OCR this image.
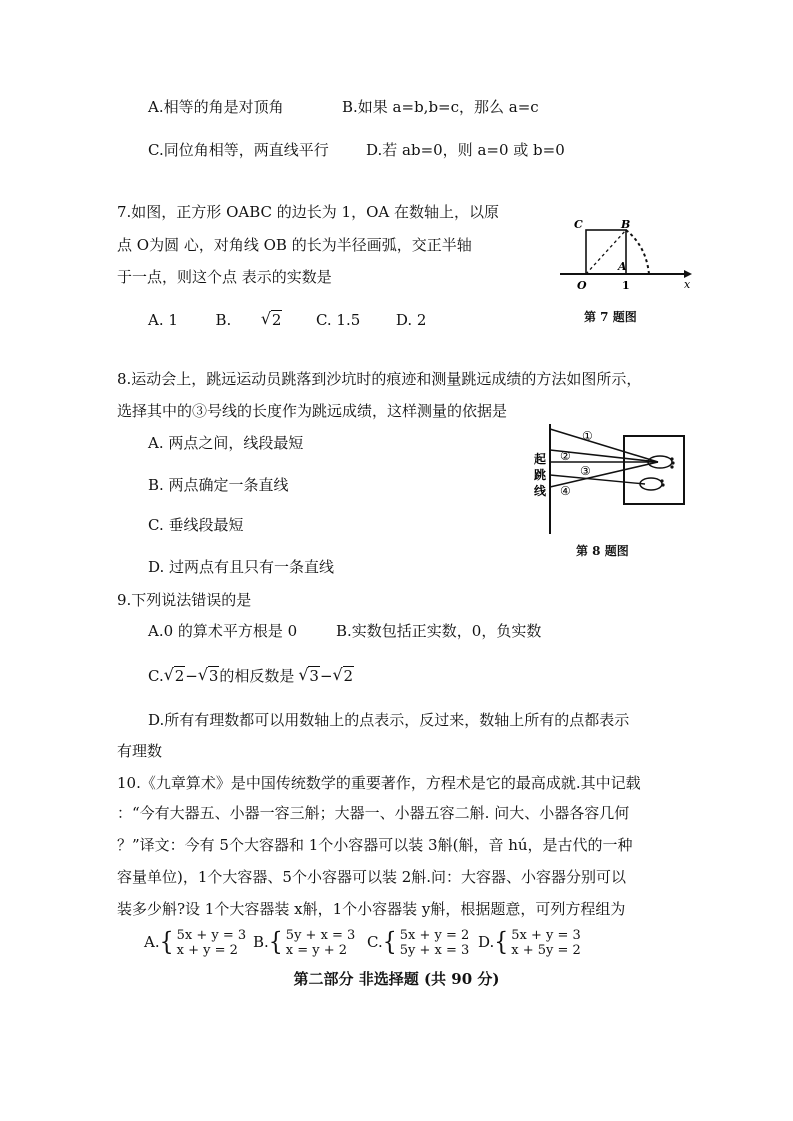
A.相等的角是对顶角	B.如果 a=b,b=c，那么 a=c
C.同位角相等，两直线平行 D.若 ab=0，则 a=0 或 b=0
7.如图，正方形 OABC 的边长为 1，OA 在数轴上，以原
点 O为圆 心，对角线 OB 的长为半径画弧，交正半轴
于一点，则这个点 表示的实数是
A. 1	B.	√ 2 C. 1.5 D. 2
C	B
A
O	1	x
第 7 题图
8.运动会上，跳远运动员跳落到沙坑时的痕迹和测量跳远成绩的方法如图所示，
选择其中的③号线的长度作为跳远成绩，这样测量的依据是
A. 两点之间，线段最短
B. 两点确定一条直线
C. 垂线段最短
D. 过两点有且只有一条直线
起
跳
线
①
②
③
④
第 8 题图
9.下列说法错误的是
A.0 的算术平方根是 0	B.实数包括正实数，0，负实数
C. √ 2− √ 3的相反数是 √ 3− √ 2
D.所有有理数都可以用数轴上的点表示，反过来，数轴上所有的点都表示
有理数
10.《九章算术》是中国传统数学的重要著作，方程术是它的最高成就.其中记载
：“今有大器五、小器一容三斛；大器一、小器五容二斛. 问大、小器各容几何
？”译文：今有 5个大容器和 1个小容器可以装 3斛(斛，音 hú，是古代的一种
容量单位)，1个大容器、5个小容器可以装 2斛.问：大容器、小容器分别可以
装多少斛?设 1个大容器装 x斛，1个小容器装 y斛，根据题意，可列方程组为
A.{ 5x + y = 3
x + y = 2	B.{ 5y + x = 3
x = y + 2	C.{ 5x + y = 2
5y + x = 3 D.{ 5x + y = 3
x + 5y = 2
第二部分 非选择题 (共 90 分)
